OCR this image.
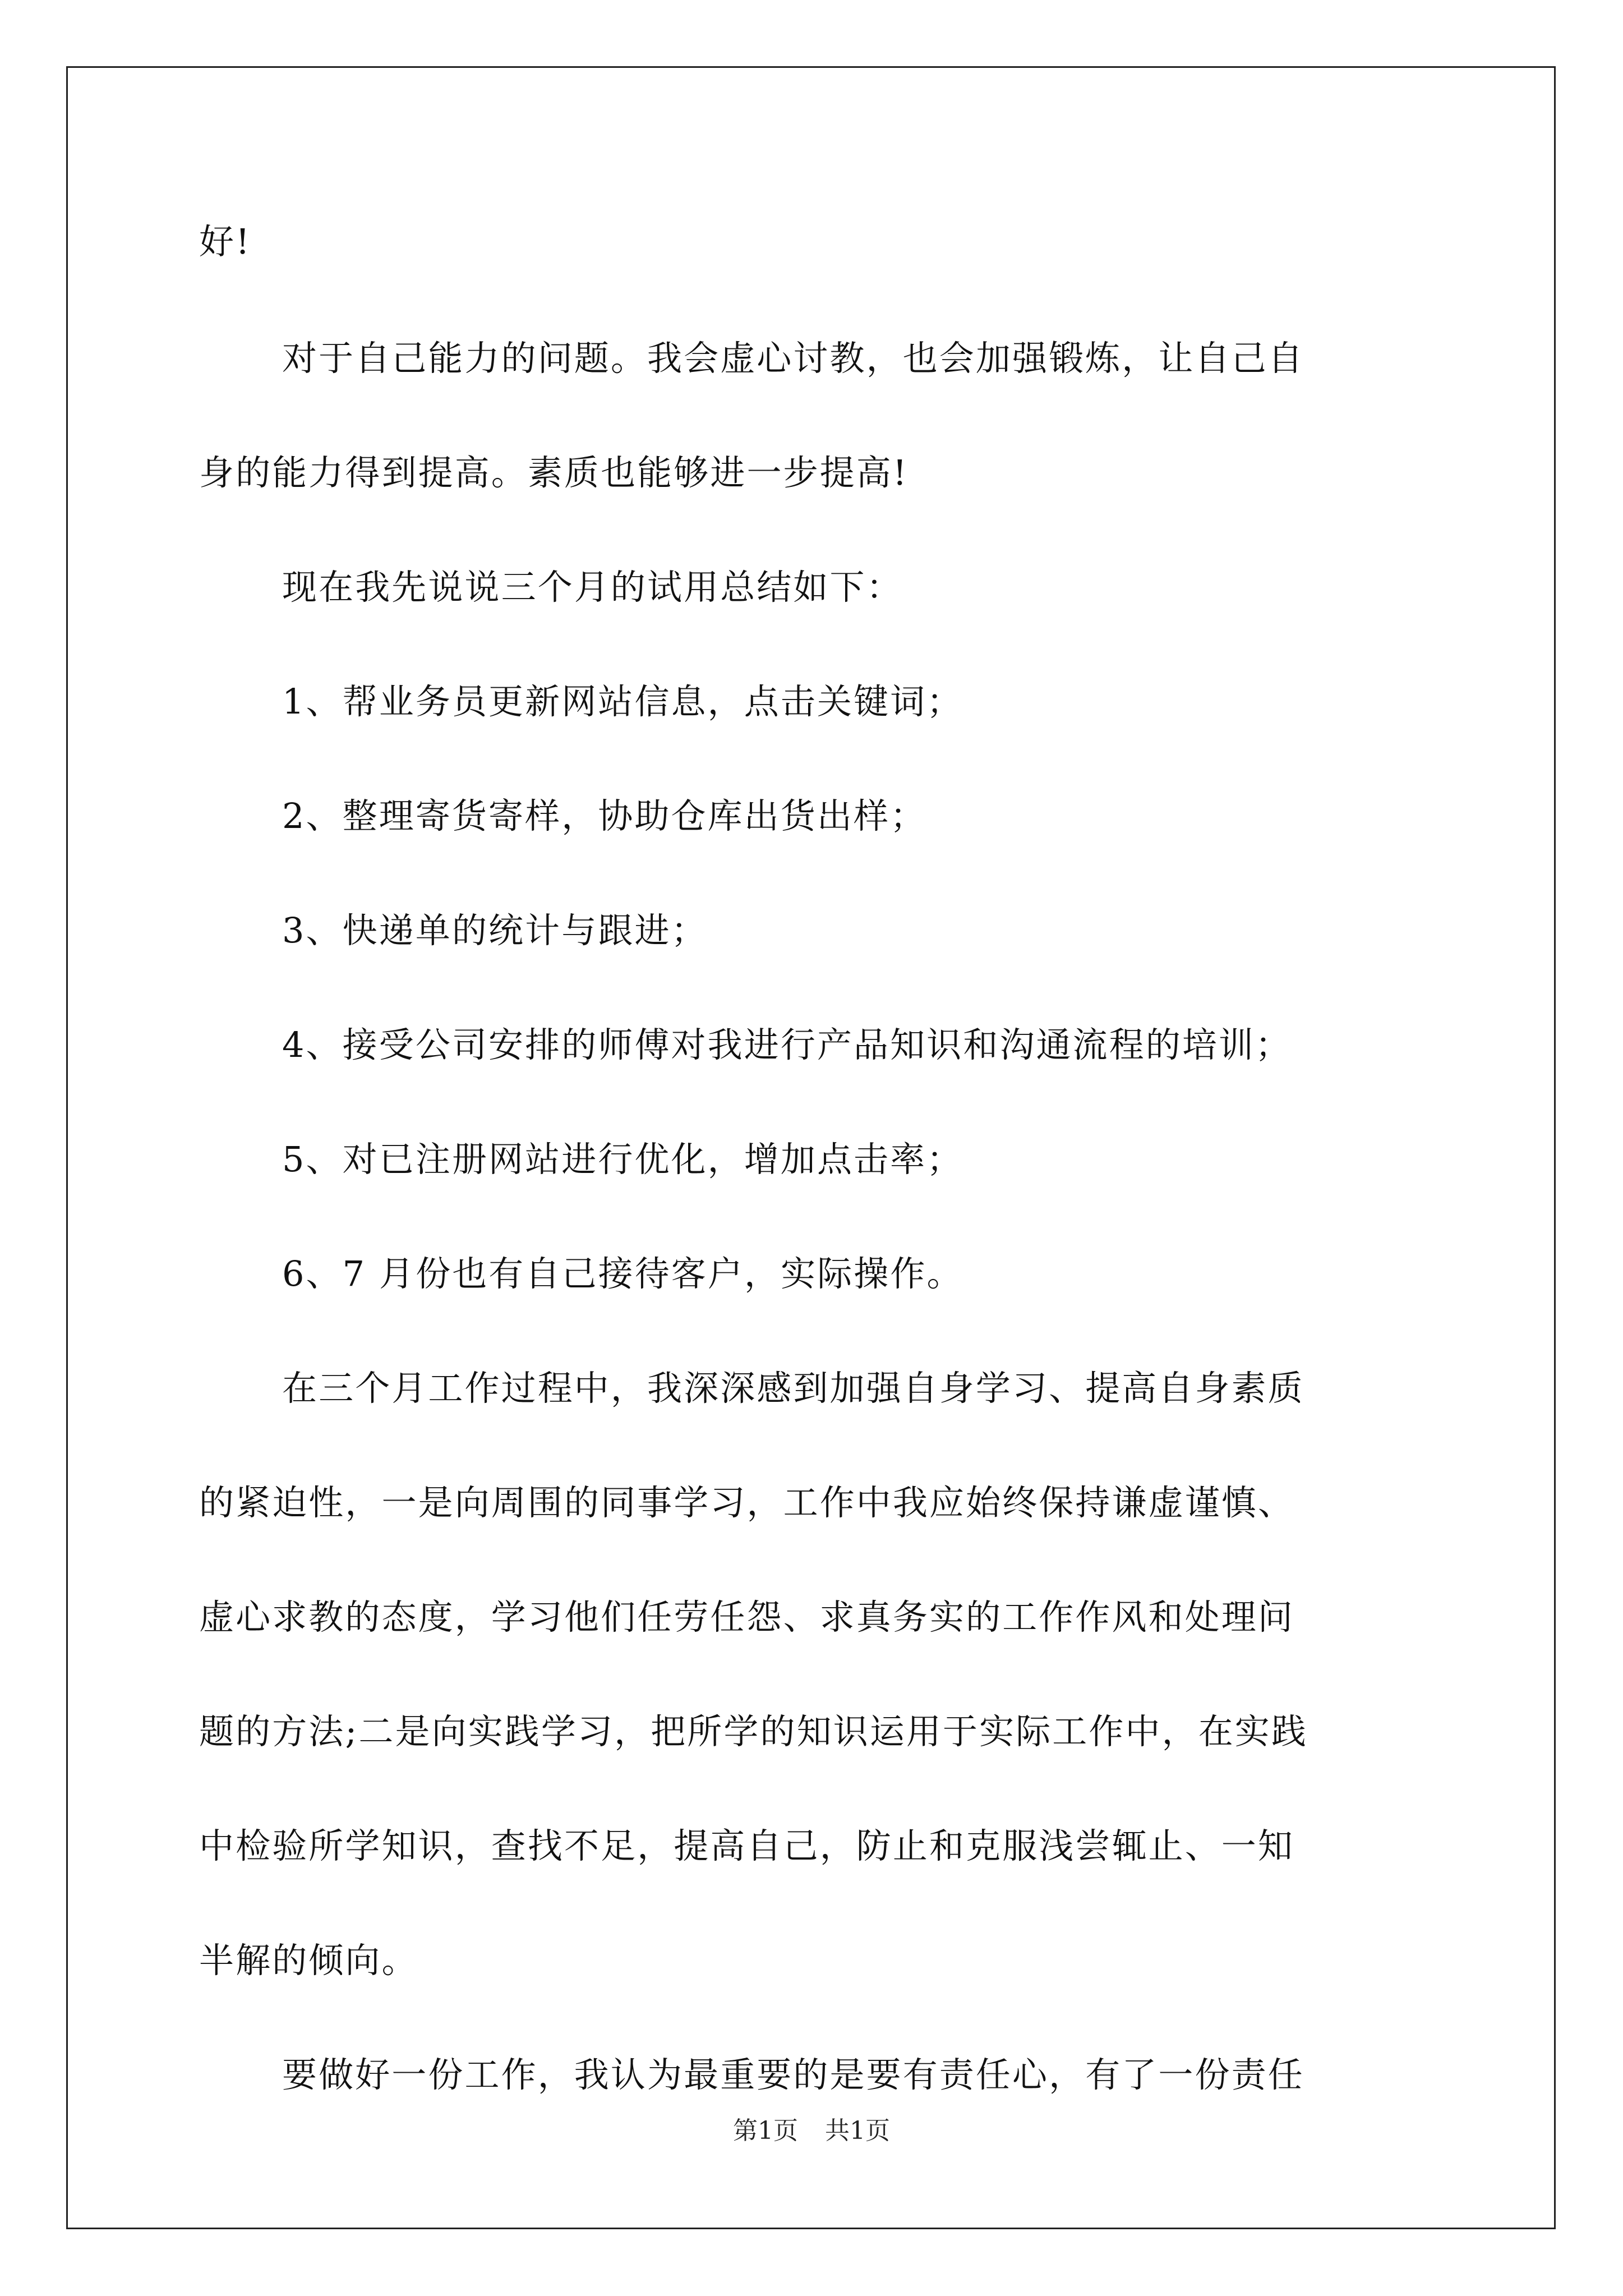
好!
对于自己能力的问题。我会虚心讨教，也会加强锻炼，让自己自
身的能力得到提高。素质也能够进一步提高!
现在我先说说三个月的试用总结如下：
1、帮业务员更新网站信息，点击关键词；
2、整理寄货寄样，协助仓库出货出样；
3、快递单的统计与跟进；
4、接受公司安排的师傅对我进行产品知识和沟通流程的培训；
5、对已注册网站进行优化，增加点击率；
6、7 月份也有自己接待客户，实际操作。
在三个月工作过程中，我深深感到加强自身学习、提高自身素质
的紧迫性，一是向周围的同事学习，工作中我应始终保持谦虚谨慎、
虚心求教的态度，学习他们任劳任怨、求真务实的工作作风和处理问
题的方法;二是向实践学习，把所学的知识运用于实际工作中，在实践
中检验所学知识，查找不足，提高自己，防止和克服浅尝辄止、一知
半解的倾向。
要做好一份工作，我认为最重要的是要有责任心，有了一份责任
第1页 共1页
